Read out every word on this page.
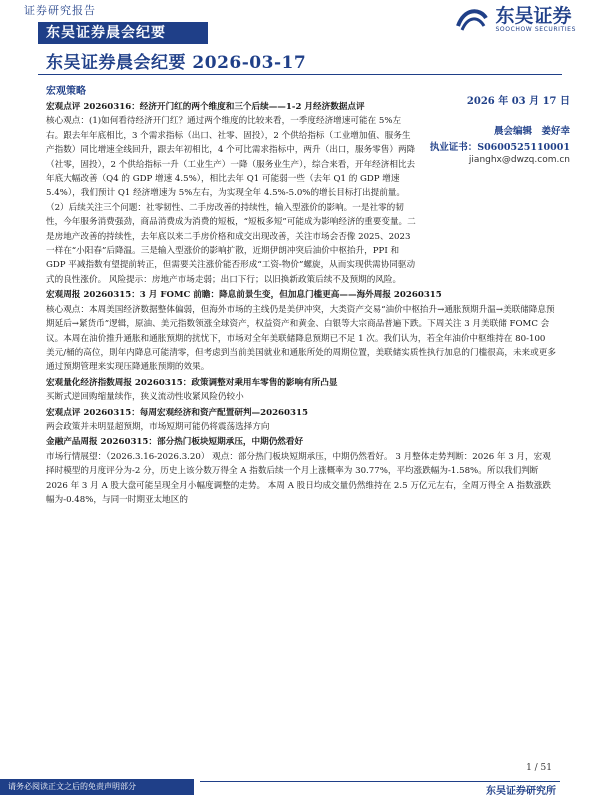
证券研究报告	东吴证券
SOOCHOW SECURITIES
东吴证券晨会纪要
东吴证券晨会纪要 2026-03-17
宏观策略
2026 年 03 月 17 日
晨会编辑　姜好幸
执业证书：S0600525110001
jianghx@dwzq.com.cn
宏观点评 20260316：经济开门红的两个维度和三个后续——1-2 月经济数据点评
核心观点：(1)如何看待经济开门红？通过两个维度的比较来看，一季度经济增速可能在 5%左右。跟去年年底相比，3 个需求指标（出口、社零、固投），2 个供给指标（工业增加值、服务生产指数）同比增速全线回升，跟去年初相比，4 个可比需求指标中，两升（出口，服务零售）两降（社零，固投），2 个供给指标一升（工业生产）一降（服务业生产），综合来看，开年经济相比去年底大幅改善（Q4 的 GDP 增速 4.5%），相比去年 Q1 可能弱一些（去年 Q1 的 GDP 增速 5.4%），我们预计 Q1 经济增速为 5%左右，为实现全年 4.5%-5.0%的增长目标打出提前量。（2）后续关注三个问题：社零韧性、二手房改善的持续性，输入型涨价的影响。一是社零的韧性，今年服务消费强劲，商品消费成为消费的短板，“短板多短”可能成为影响经济的重要变量。二是房地产改善的持续性，去年底以来二手房价格和成交出现改善，关注市场会否像 2025、2023 一样在“小阳春”后降温。三是输入型涨价的影响扩散，近期伊朗冲突后油价中枢抬升，PPI 和 GDP 平减指数有望提前转正，但需要关注涨价能否形成“工资-物价”螺旋，从而实现供需协同驱动式的良性涨价。 风险提示：房地产市场走弱；出口下行；以旧换新政策后续不及预期的风险。
宏观周报 20260315：3 月 FOMC 前瞻：降息前景生变，但加息门槛更高——海外周报 20260315
核心观点：本周美国经济数据整体偏弱，但海外市场的主线仍是美伊冲突，大类资产交易“油价中枢抬升→通胀预期升温→美联储降息预期延后→紧货币”逻辑，原油、美元指数领涨全球资产，权益资产和黄金、白银等大宗商品普遍下跌。下周关注 3 月美联储 FOMC 会议。本周在油价推升通胀和通胀预期的扰忧下，市场对全年美联储降息预期已不足 1 次。我们认为，若全年油价中枢维持在 80-100 美元/桶的高位，則年内降息可能清零，但考虑到当前美国就业和通胀所处的周期位置，美联储实质性执行加息的门槛很高，未来或更多通过预期管理来实现压降通胀预期的效果。
宏观量化经济指数周报 20260315：政策调整对乘用车零售的影响有所凸显
买断式逆回购缩量续作，狭义流动性收紧风险仍较小
宏观点评 20260315：每周宏观经济和资产配置研判—20260315
两会政策并未明显超预期，市场短期可能仍将震荡选择方向
金融产品周报 20260315：部分热门板块短期承压，中期仍然看好
市场行情展望：（2026.3.16-2026.3.20） 观点：部分热门板块短期承压，中期仍然看好。 3 月整体走势判断：2026 年 3 月，宏观择时模型的月度评分为-2 分，历史上该分数万得全 A 指数后续一个月上涨概率为 30.77%，平均涨跌幅为-1.58%。所以我们判断 2026 年 3 月 A 股大盘可能呈现全月小幅度调整的走势。 本周 A 股日均成交量仍然维持在 2.5 万亿元左右，全周万得全 A 指数涨跌幅为-0.48%，与同一时期亚太地区的
1 / 51
请务必阅读正文之后的免责声明部分	东吴证券研究所
